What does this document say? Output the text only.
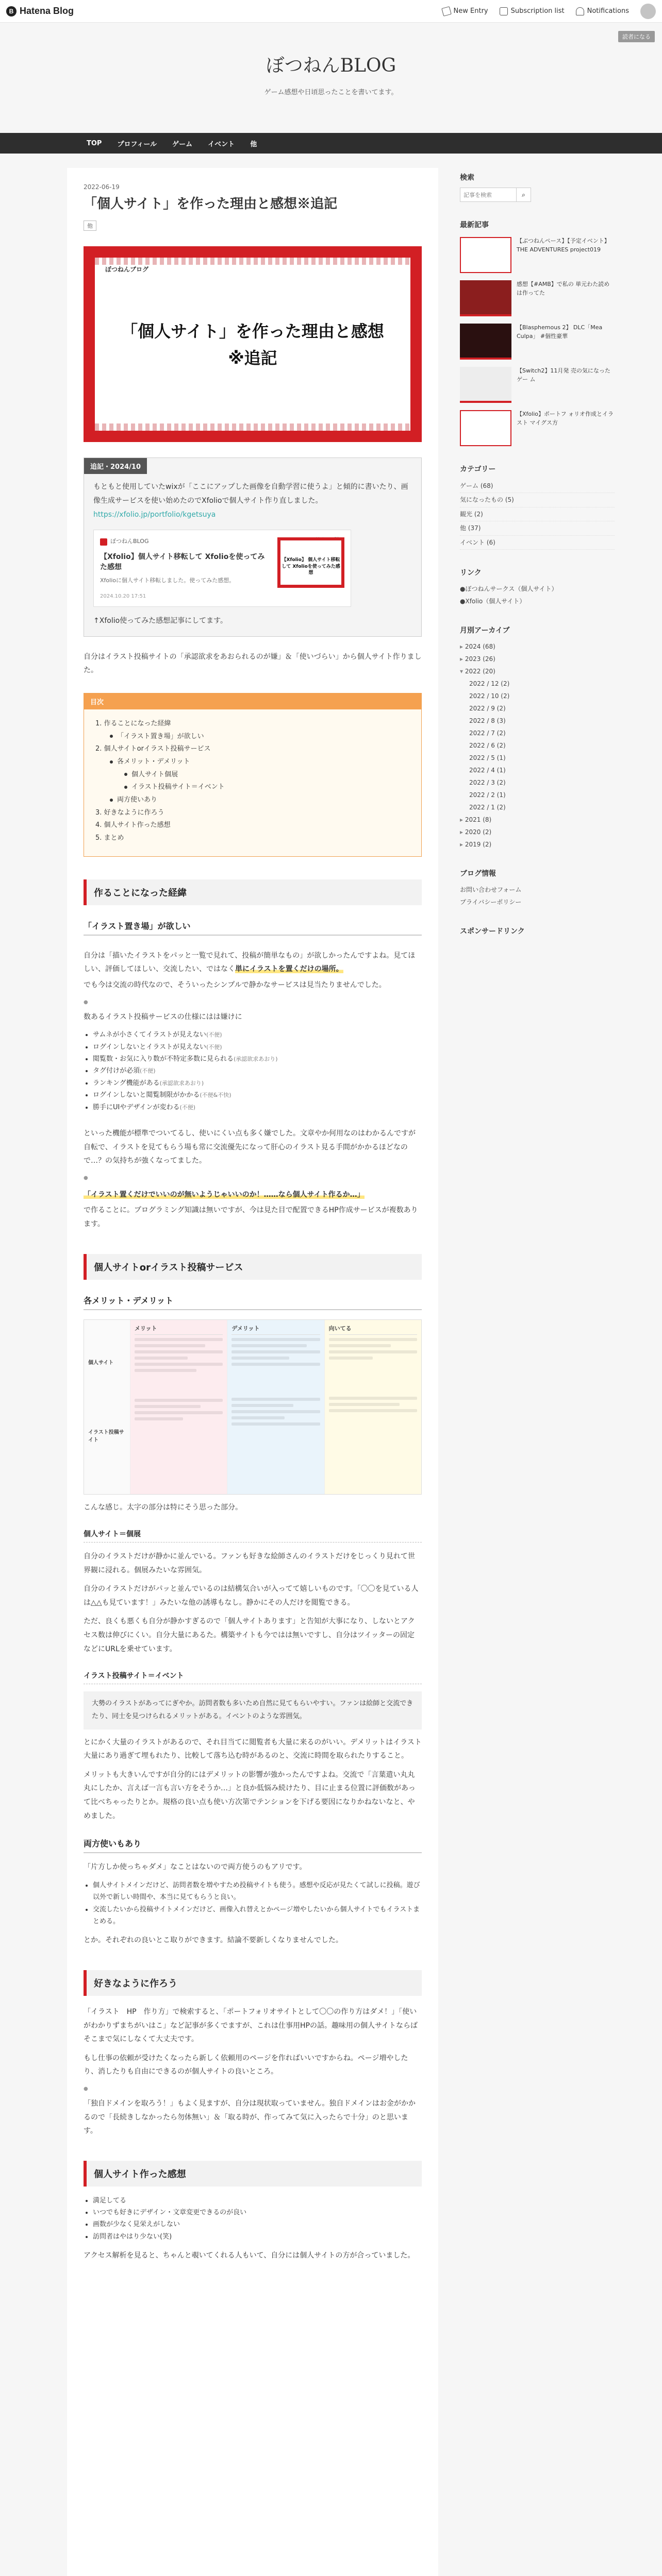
B Hatena Blog	New Entry	Subscription list	Notifications
読者になる
ぼつねんBLOG
ゲーム感想や日頃思ったことを書いてます。
TOP プロフィール ゲーム イベント 他
2022-06-19
「個人サイト」を作った理由と感想※追記
他
ぼつねんブログ
「個人サイト」を作った理由と感想
※追記
追記・2024/10
もともと使用していたwixが「ここにアップした画像を自動学習に使うよ」と傾的に書いたり、画像生成サービスを使い始めたのでXfolioで個人サイト作り直しました。
https://xfolio.jp/portfolio/kgetsuya
ぼつねんBLOG
【Xfolio】個人サイト移転して Xfolioを使ってみた感想
Xfolioに個人サイト移転しました。使ってみた感想。
2024.10.20 17:51
【Xfolio】 個人サイト移転して Xfolioを使ってみた感想
↑Xfolio使ってみた感想記事にしてます。

自分はイラスト投稿サイトの「承認欲求をあおられるのが嫌」＆「使いづらい」から個人サイト作りました。

目次
1. 作ることになった経緯
「イラスト置き場」が欲しい
2. 個人サイトorイラスト投稿サービス
各メリット・デメリット
個人サイト個展
イラスト投稿サイト＝イベント
両方使いあり
3. 好きなように作ろう
4. 個人サイト作った感想
5. まとめ
作ることになった経緯
「イラスト置き場」が欲しい

自分は「描いたイラストをパッと一覧で見れて、投稿が簡単なもの」が欲しかったんですよね。見てほしい、評価してほしい、交流したい、ではなく単にイラストを置くだけの場所。

でも今は交流の時代なので、そういったシンプルで静かなサービスは見当たりませんでした。

●

数あるイラスト投稿サービスの仕様にはは嫌けに

• サムネが小さくてイラストが見えない(不便)
• ログインしないとイラストが見えない(不便)
• 閲覧数・お気に入り数が不特定多数に見られる(承認欲求あおり)
• タグ付けが必須(不便)
• ランキング機能がある(承認欲求あおり)
• ログインしないと閲覧制限がかかる(不便&不快)
• 勝手にUIやデザインが変わる(不便)

といった機能が標準でついてるし、使いにくい点も多く嫌でした。文章やか何用なのはわかるんですが自転で、イラストを見てもらう場も常に交流優先になって肝心のイラスト見る手間がかかるほどなので…？の気持ちが強くなってました。

●

「イラスト置くだけでいいのが無いようじゃいいのか！……なら個人サイト作るか…」

で作ることに。プログラミング知識は無いですが、今は見た目で配置できるHP作成サービスが複数あります。

個人サイトorイラスト投稿サービス
各メリット・デメリット
個人サイト
イラスト投稿サイト
メリット	デメリット	向いてる

こんな感じ。太字の部分は特にそう思った部分。

個人サイト＝個展

自分のイラストだけが静かに並んでいる。ファンも好きな絵師さんのイラストだけをじっくり見れて世界観に浸れる。個展みたいな雰囲気。

自分のイラストだけがパッと並んでいるのは結構気合いが入ってて嬉しいものです。「〇〇を見ている人は△△も見ています！」みたいな他の誘導もなし。静かにその人だけを閲覧できる。

ただ、良くも悪くも自分が静かすぎるので「個人サイトあります」と告知が大事になり、しないとアクセス数は伸びにくい。自分大量にあるた。構築サイトも今ではは無いですし、自分はツイッターの固定などにURLを乗せています。

イラスト投稿サイト＝イベント
大勢のイラストがあってにぎやか。訪問者数も多いため自然に見てもらいやすい。ファンは絵師と交流できたり、同士を見つけられるメリットがある。イベントのような雰囲気。

とにかく大量のイラストがあるので、それ目当てに閲覧者も大量に来るのがいい。デメリットはイラスト大量にあり過ぎて埋もれたり、比較して落ち込む時があるのと、交流に時間を取られたりすること。

メリットも大きいんですが自分的にはデメリットの影響が強かったんですよね。交流で「言葉遣い丸丸丸にしたか、言えば一言も言い方をそうか…」と良か低悩み続けたり、目に止まる位置に評価数があって比べちゃったりとか。規格の良い点も使い方次第でテンションを下げる要因になりかねないなと、やめました。

両方使いもあり

「片方しか使っちゃダメ」なことはないので両方使うのもアリです。

• 個人サイトメインだけど、訪問者数を増やすため投稿サイトも使う。感想や反応が見たくて試しに投稿。遊び以外で新しい時間や、本当に見てもらうと良い。
• 交流したいから投稿サイトメインだけど、画像入れ替えとかページ増やしたいから個人サイトでもイラストまとめる。

とか。それぞれの良いとこ取りができます。結論不要新しくなりませんでした。

好きなように作ろう

「イラスト　HP　作り方」で検索すると、「ポートフォリオサイトとして〇〇の作り方はダメ！」「使いがわかりずまちがいはこ」など記事が多くでますが、これは仕事用HPの話。趣味用の個人サイトならばそこまで気にしなくて大丈夫です。

もし仕事の依頼が受けたくなったら新しく依頼用のページを作ればいいですからね。ページ増やしたり、消したりも自由にできるのが個人サイトの良いところ。

●

「独自ドメインを取ろう！」もよく見ますが、自分は現状取っていません。独自ドメインはお金がかかるので「長続きしなかったら勿体無い」＆「取る時が、作ってみて気に入ったらで十分」のと思います。

個人サイト作った感想
• 満足してる
• いつでも好きにデザイン・文章変更できるのが良い
• 画数が少なく見栄えがしない
• 訪問者はやはり少ない(笑)

アクセス解析を見ると、ちゃんと覗いてくれる人もいて、自分には個人サイトの方が合っていました。

検索
記事を検索
⌕
最新記事
【ぶつねんペース】【予定イベント】 THE ADVENTURES project019
感想【#AMB】で私の 単元わた読めは作ってた
【Blasphemous 2】 DLC「Mea Culpa」 #個性豪華
【Switch2】11月発 売の気になったゲー ム
【Xfolio】ポートフ ォリオ作成とイラスト マイグス方
カテゴリー
ゲーム (68)
気になったもの (5)
観光 (2)
他 (37)
イベント (6)
リンク
●ぼつねんサークス（個人サイト）
●Xfolio（個人サイト）
月別アーカイブ
▸ 2024 (68)
▸ 2023 (26)
▾ 2022 (20)
2022 / 12 (2)
2022 / 10 (2)
2022 / 9 (2)
2022 / 8 (3)
2022 / 7 (2)
2022 / 6 (2)
2022 / 5 (1)
2022 / 4 (1)
2022 / 3 (2)
2022 / 2 (1)
2022 / 1 (2)
▸ 2021 (8)
▸ 2020 (2)
▸ 2019 (2)
ブログ情報
お問い合わせフォーム
プライバシーポリシー
スポンサードリンク
